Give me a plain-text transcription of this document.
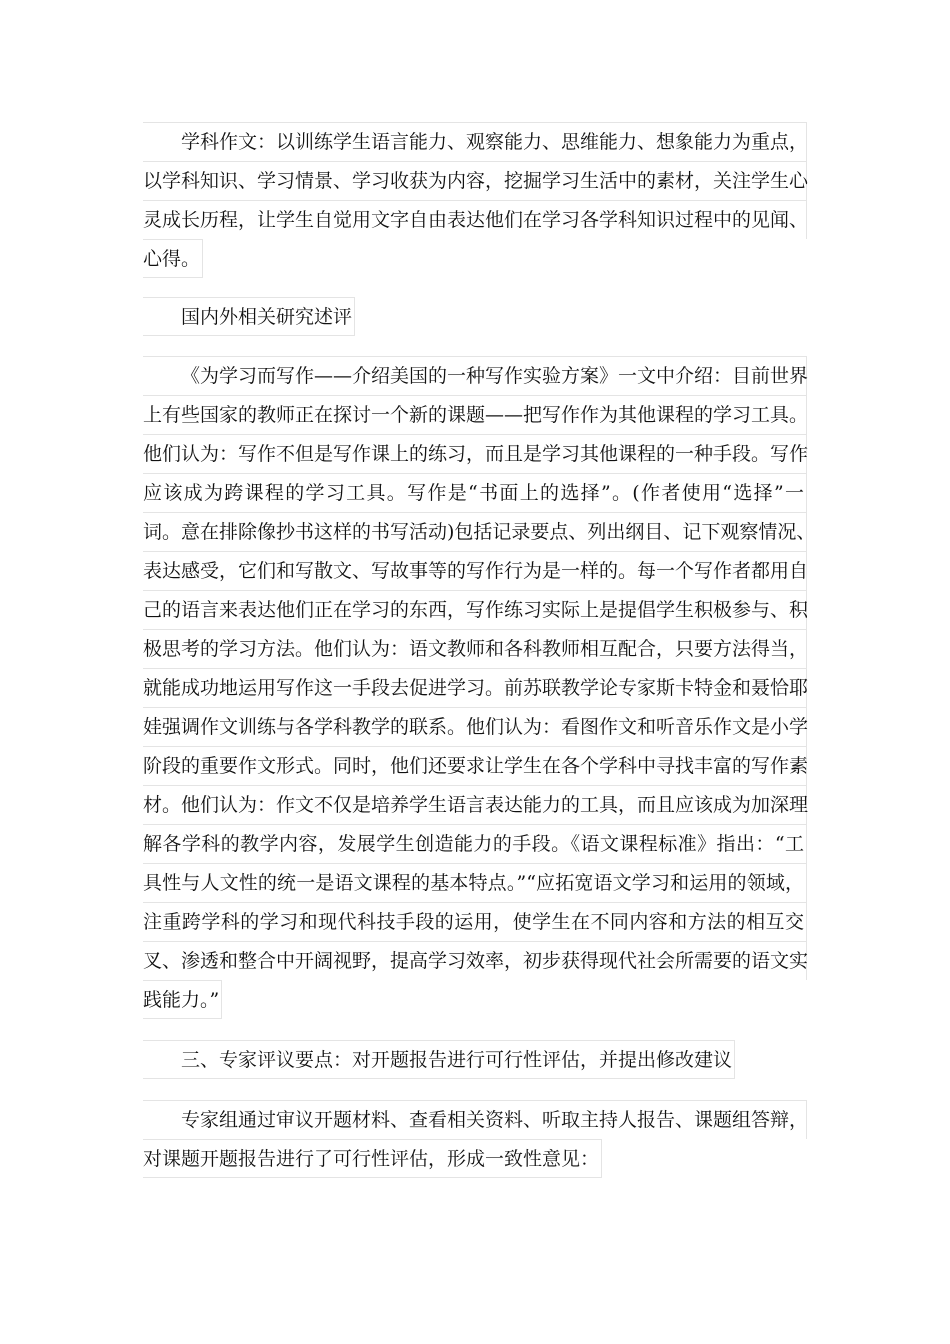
学科作文：以训练学生语言能力、观察能力、思维能力、想象能力为重点，
以学科知识、学习情景、学习收获为内容，挖掘学习生活中的素材，关注学生心
灵成长历程，让学生自觉用文字自由表达他们在学习各学科知识过程中的见闻、
心得。
国内外相关研究述评
《为学习而写作——介绍美国的一种写作实验方案》一文中介绍：目前世界
上有些国家的教师正在探讨一个新的课题——把写作作为其他课程的学习工具。
他们认为：写作不但是写作课上的练习，而且是学习其他课程的一种手段。写作
应该成为跨课程的学习工具。写作是“书面上的选择”。(作者使用“选择”一
词。意在排除像抄书这样的书写活动)包括记录要点、列出纲目、记下观察情况、
表达感受，它们和写散文、写故事等的写作行为是一样的。每一个写作者都用自
己的语言来表达他们正在学习的东西，写作练习实际上是提倡学生积极参与、积
极思考的学习方法。他们认为：语文教师和各科教师相互配合，只要方法得当，
就能成功地运用写作这一手段去促进学习。前苏联教学论专家斯卡特金和聂恰耶
娃强调作文训练与各学科教学的联系。他们认为：看图作文和听音乐作文是小学
阶段的重要作文形式。同时，他们还要求让学生在各个学科中寻找丰富的写作素
材。他们认为：作文不仅是培养学生语言表达能力的工具，而且应该成为加深理
解各学科的教学内容，发展学生创造能力的手段。《语文课程标准》指出：“工
具性与人文性的统一是语文课程的基本特点。”“应拓宽语文学习和运用的领域，
注重跨学科的学习和现代科技手段的运用，使学生在不同内容和方法的相互交
叉、渗透和整合中开阔视野，提高学习效率，初步获得现代社会所需要的语文实
践能力。”
三、专家评议要点：对开题报告进行可行性评估，并提出修改建议
专家组通过审议开题材料、查看相关资料、听取主持人报告、课题组答辩，
对课题开题报告进行了可行性评估，形成一致性意见：
